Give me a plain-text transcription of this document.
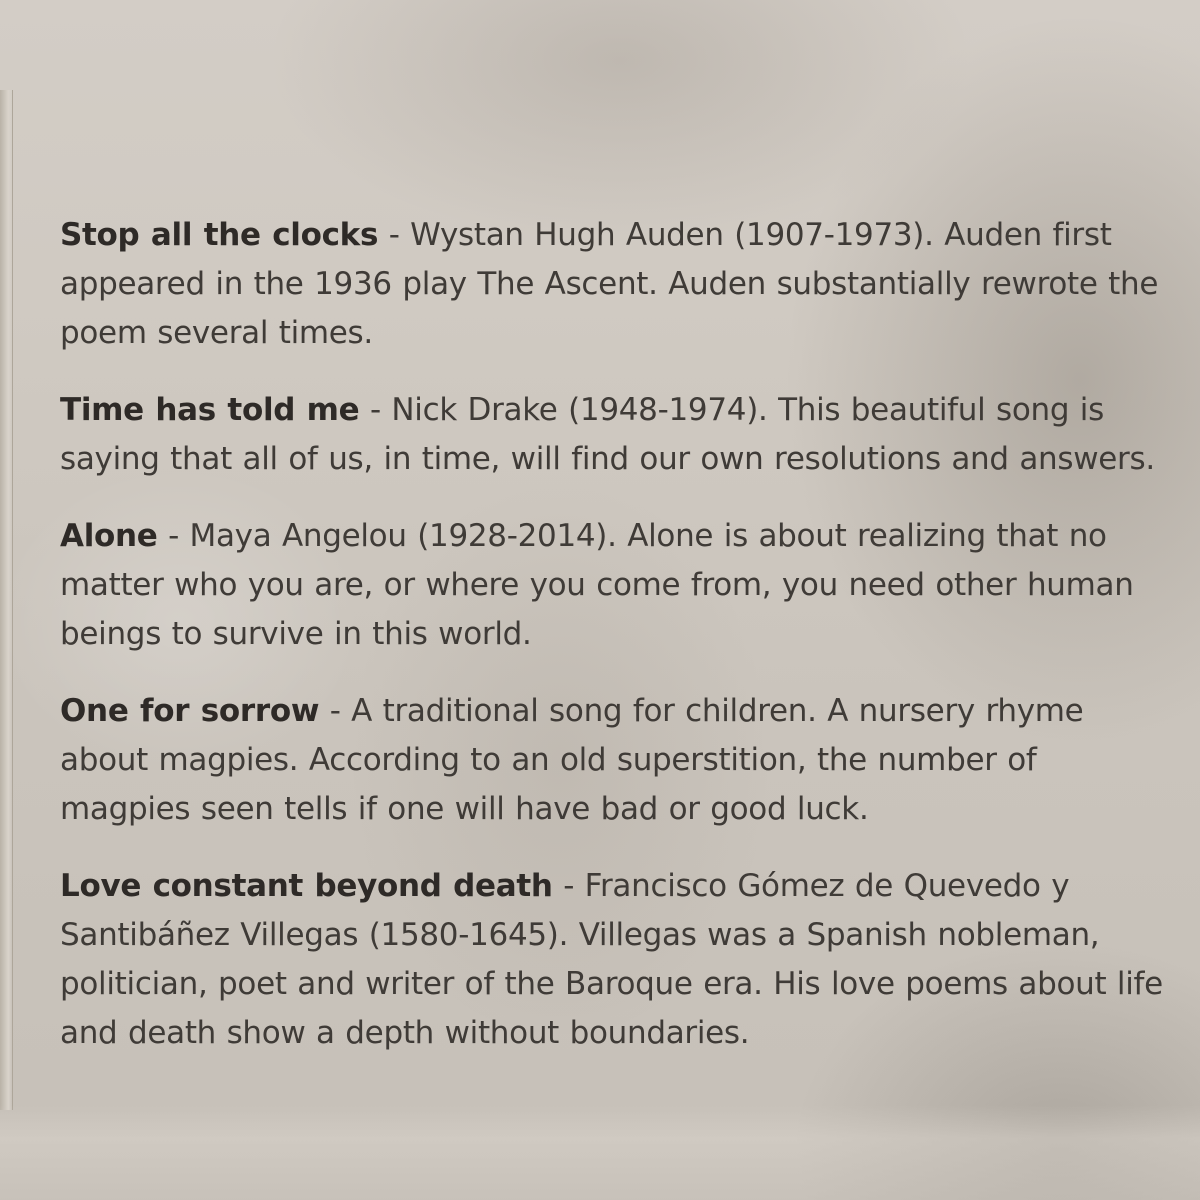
Stop all the clocks - Wystan Hugh Auden (1907-1973). Auden first appeared in the 1936 play The Ascent. Auden substantially rewrote the poem several times.

Time has told me - Nick Drake (1948-1974). This beautiful song is saying that all of us, in time, will find our own resolutions and answers.

Alone - Maya Angelou (1928-2014). Alone is about realizing that no matter who you are, or where you come from, you need other human beings to survive in this world.

One for sorrow - A traditional song for children. A nursery rhyme about magpies. According to an old superstition, the number of magpies seen tells if one will have bad or good luck.

Love constant beyond death - Francisco Gómez de Quevedo y Santibáñez Villegas (1580-1645). Villegas was a Spanish nobleman, politician, poet and writer of the Baroque era. His love poems about life and death show a depth without boundaries.
